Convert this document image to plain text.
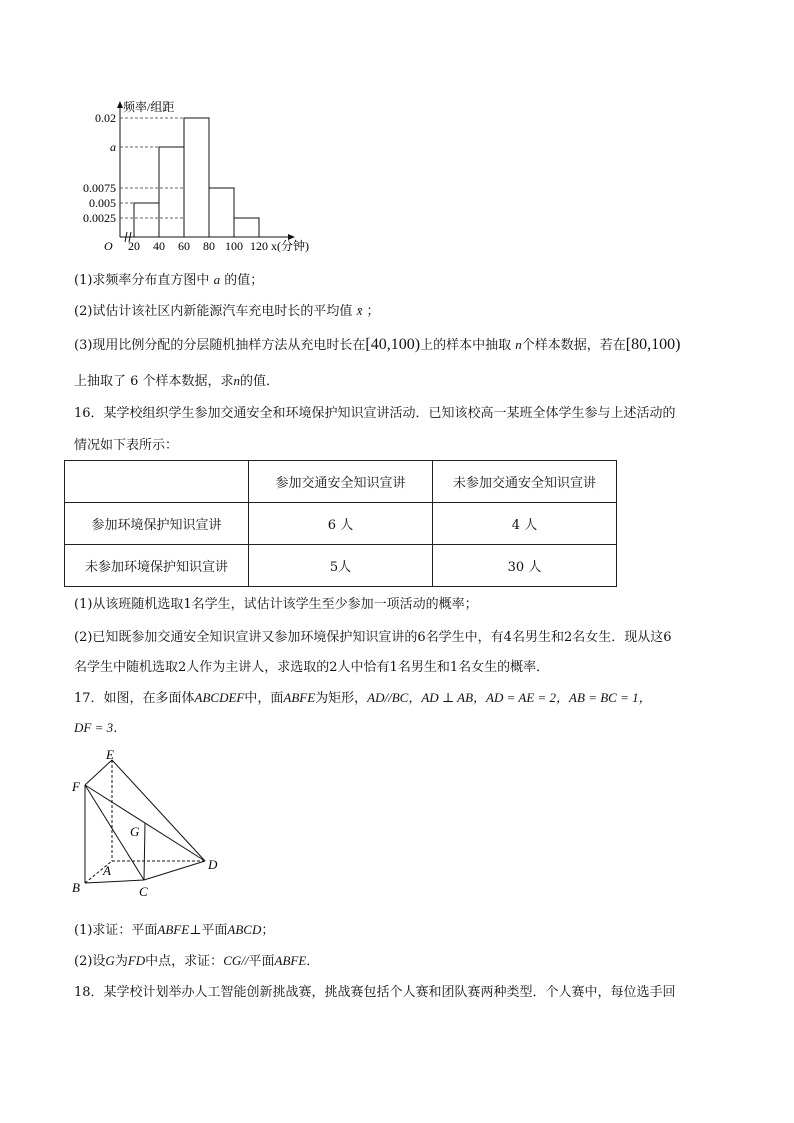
频率/组距
0.02
a
0.0075
0.005
0.0025
O 20 40 60 80 100 120 x(分钟)
(1)求频率分布直方图中 a 的值；
(2)试估计该社区内新能源汽车充电时长的平均值 x̄ ；
(3)现用比例分配的分层随机抽样方法从充电时长在[40,100)上的样本中抽取 n个样本数据，若在[80,100)
上抽取了 6 个样本数据，求n的值．
16．某学校组织学生参加交通安全和环境保护知识宣讲活动．已知该校高一某班全体学生参与上述活动的
情况如下表所示：
	参加交通安全知识宣讲	未参加交通安全知识宣讲
参加环境保护知识宣讲	6 人	4 人
未参加环境保护知识宣讲	5人	30 人
(1)从该班随机选取1名学生，试估计该学生至少参加一项活动的概率；
(2)已知既参加交通安全知识宣讲又参加环境保护知识宣讲的6名学生中，有4名男生和2名女生．现从这6
名学生中随机选取2人作为主讲人，求选取的2人中恰有1名男生和1名女生的概率．
17．如图，在多面体ABCDEF中，面ABFE为矩形，AD//BC，AD ⊥ AB，AD = AE = 2，AB = BC = 1，
DF = 3．
E
F
G
D
A
B	C
(1)求证：平面ABFE⊥平面ABCD；
(2)设G为FD中点，求证：CG//平面ABFE．
18．某学校计划举办人工智能创新挑战赛，挑战赛包括个人赛和团队赛两种类型．个人赛中，每位选手回
